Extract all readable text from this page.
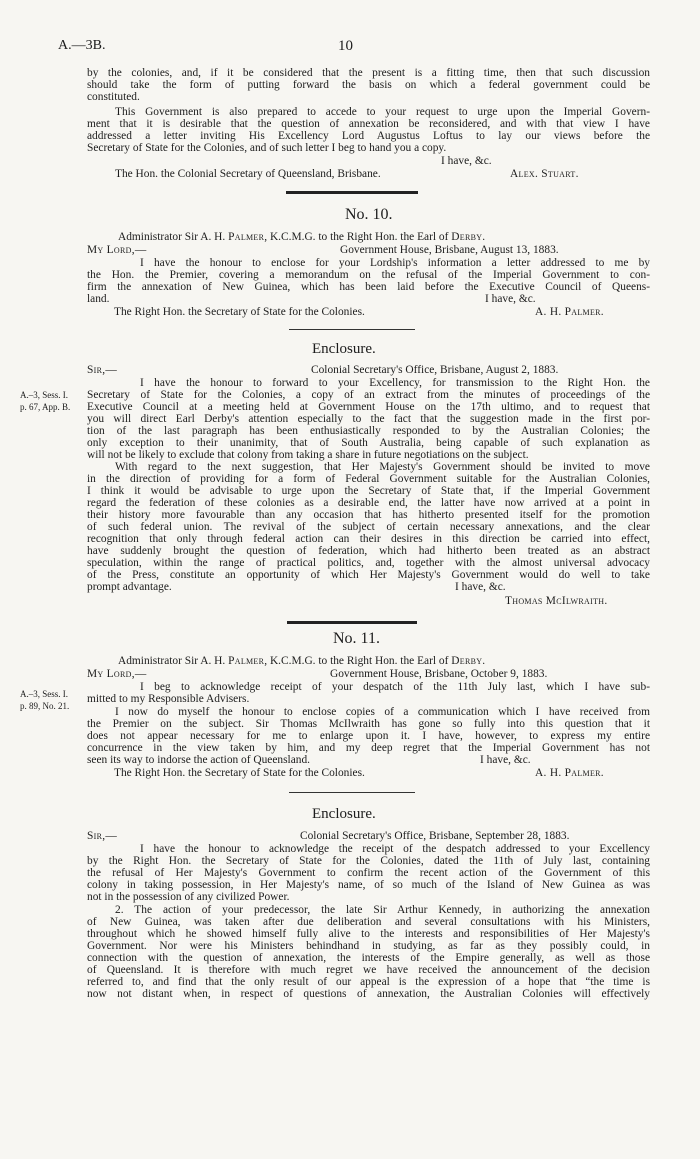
A.—3B.	10
by the colonies, and, if it be considered that the present is a fitting time, then that such discussion
should take the form of putting forward the basis on which a federal government could be
constituted.
This Government is also prepared to accede to your request to urge upon the Imperial Govern-
ment that it is desirable that the question of annexation be reconsidered, and with that view I have
addressed a letter inviting His Excellency Lord Augustus Loftus to lay our views before the
Secretary of State for the Colonies, and of such letter I beg to hand you a copy.
I have, &c.
The Hon. the Colonial Secretary of Queensland, Brisbane.	Alex. Stuart.
No. 10.
Administrator Sir A. H. Palmer, K.C.M.G. to the Right Hon. the Earl of Derby.
My Lord,—	Government House, Brisbane, August 13, 1883.
I have the honour to enclose for your Lordship's information a letter addressed to me by
the Hon. the Premier, covering a memorandum on the refusal of the Imperial Government to con-
firm the annexation of New Guinea, which has been laid before the Executive Council of Queens-
land.	I have, &c.
The Right Hon. the Secretary of State for the Colonies.	A. H. Palmer.
Enclosure.
Sir,—	Colonial Secretary's Office, Brisbane, August 2, 1883.
A.–3, Sess. I.
p. 67, App. B.
I have the honour to forward to your Excellency, for transmission to the Right Hon. the
Secretary of State for the Colonies, a copy of an extract from the minutes of proceedings of the
Executive Council at a meeting held at Government House on the 17th ultimo, and to request that
you will direct Earl Derby's attention especially to the fact that the suggestion made in the first por-
tion of the last paragraph has been enthusiastically responded to by the Australian Colonies; the
only exception to their unanimity, that of South Australia, being capable of such explanation as
will not be likely to exclude that colony from taking a share in future negotiations on the subject.
With regard to the next suggestion, that Her Majesty's Government should be invited to move
in the direction of providing for a form of Federal Government suitable for the Australian Colonies,
I think it would be advisable to urge upon the Secretary of State that, if the Imperial Government
regard the federation of these colonies as a desirable end, the latter have now arrived at a point in
their history more favourable than any occasion that has hitherto presented itself for the promotion
of such federal union. The revival of the subject of certain necessary annexations, and the clear
recognition that only through federal action can their desires in this direction be carried into effect,
have suddenly brought the question of federation, which had hitherto been treated as an abstract
speculation, within the range of practical politics, and, together with the almost universal advocacy
of the Press, constitute an opportunity of which Her Majesty's Government would do well to take
prompt advantage.	I have, &c.
Thomas McIlwraith.
No. 11.
Administrator Sir A. H. Palmer, K.C.M.G. to the Right Hon. the Earl of Derby.
My Lord,—	Government House, Brisbane, October 9, 1883.
A.–3, Sess. I.
p. 89, No. 21.
I beg to acknowledge receipt of your despatch of the 11th July last, which I have sub-
mitted to my Responsible Advisers.
I now do myself the honour to enclose copies of a communication which I have received from
the Premier on the subject. Sir Thomas McIlwraith has gone so fully into this question that it
does not appear necessary for me to enlarge upon it. I have, however, to express my entire
concurrence in the view taken by him, and my deep regret that the Imperial Government has not
seen its way to indorse the action of Queensland.	I have, &c.
The Right Hon. the Secretary of State for the Colonies.	A. H. Palmer.
Enclosure.
Sir,—	Colonial Secretary's Office, Brisbane, September 28, 1883.
I have the honour to acknowledge the receipt of the despatch addressed to your Excellency
by the Right Hon. the Secretary of State for the Colonies, dated the 11th of July last, containing
the refusal of Her Majesty's Government to confirm the recent action of the Government of this
colony in taking possession, in Her Majesty's name, of so much of the Island of New Guinea as was
not in the possession of any civilized Power.
2. The action of your predecessor, the late Sir Arthur Kennedy, in authorizing the annexation
of New Guinea, was taken after due deliberation and several consultations with his Ministers,
throughout which he showed himself fully alive to the interests and responsibilities of Her Majesty's
Government. Nor were his Ministers behindhand in studying, as far as they possibly could, in
connection with the question of annexation, the interests of the Empire generally, as well as those
of Queensland. It is therefore with much regret we have received the announcement of the decision
referred to, and find that the only result of our appeal is the expression of a hope that “the time is
now not distant when, in respect of questions of annexation, the Australian Colonies will effectively
